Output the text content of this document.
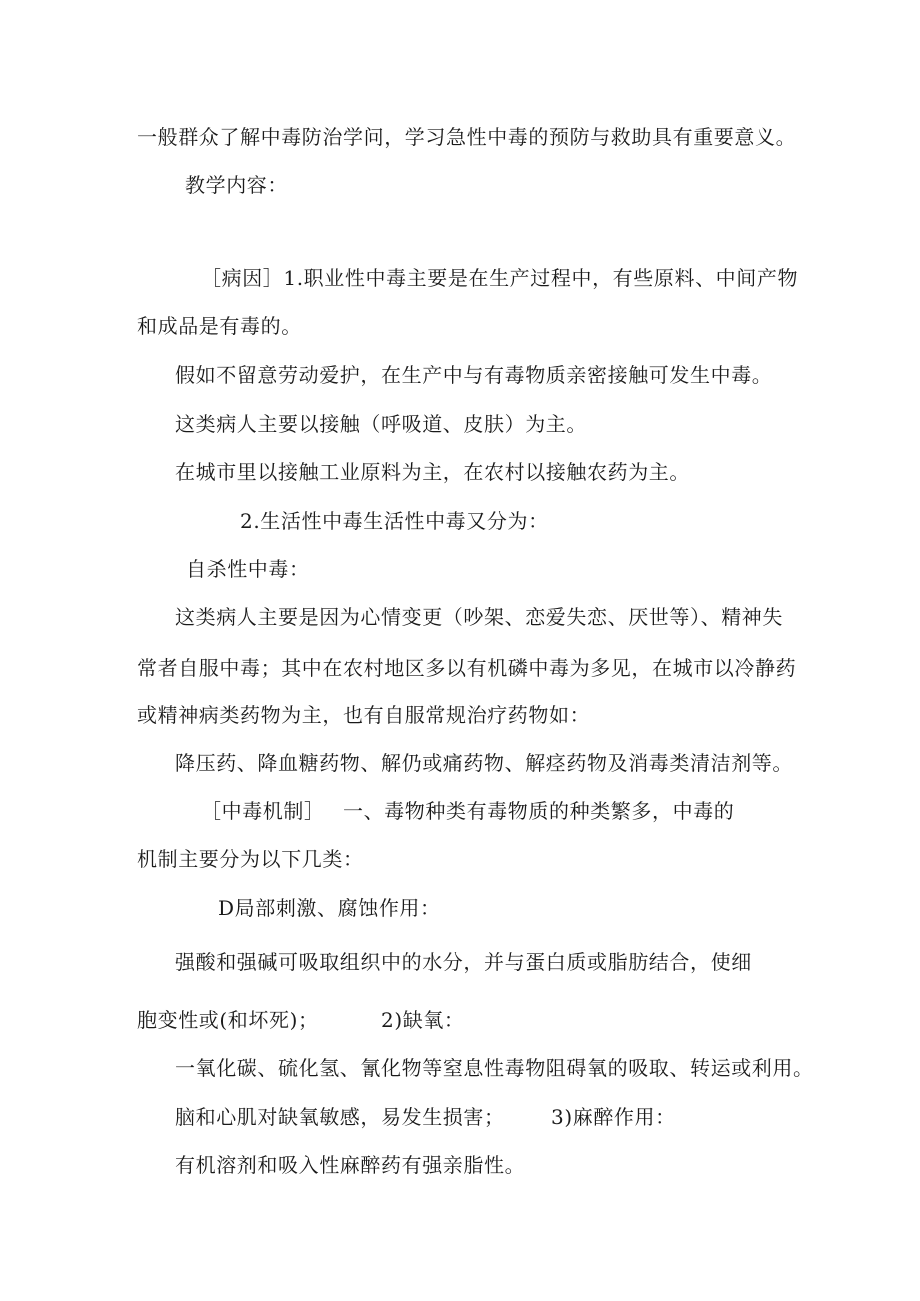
一般群众了解中毒防治学问，学习急性中毒的预防与救助具有重要意义。
教学内容：
［病因］1.职业性中毒主要是在生产过程中，有些原料、中间产物
和成品是有毒的。
假如不留意劳动爱护，在生产中与有毒物质亲密接触可发生中毒。
这类病人主要以接触（呼吸道、皮肤）为主。
在城市里以接触工业原料为主，在农村以接触农药为主。
2.生活性中毒生活性中毒又分为：
自杀性中毒：
这类病人主要是因为心情变更（吵架、恋爱失恋、厌世等）、精神失
常者自服中毒；其中在农村地区多以有机磷中毒为多见，在城市以冷静药
或精神病类药物为主，也有自服常规治疗药物如：
降压药、降血糖药物、解仍或痛药物、解痉药物及消毒类清洁剂等。
［中毒机制］ 一、毒物种类有毒物质的种类繁多，中毒的
机制主要分为以下几类：
D局部刺激、腐蚀作用：
强酸和强碱可吸取组织中的水分，并与蛋白质或脂肪结合，使细
胞变性或(和坏死)；	2)缺氧：
一氧化碳、硫化氢、氰化物等窒息性毒物阻碍氧的吸取、转运或利用。
脑和心肌对缺氧敏感，易发生损害； 3)麻醉作用：
有机溶剂和吸入性麻醉药有强亲脂性。
